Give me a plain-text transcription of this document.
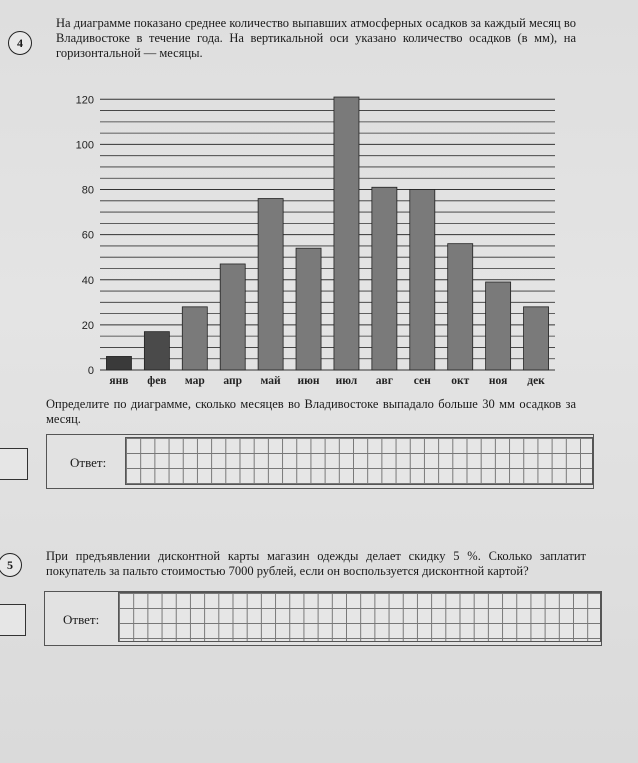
4
На диаграмме показано среднее количество выпавших атмосферных осадков за каждый месяц во Владивостоке в течение года. На вертикальной оси указано количество осадков (в мм), на горизонтальной — месяцы.
0
20
40
60
80
100
120
янв фев мар апр май июн июл авг сен окт ноя дек
Определите по диаграмме, сколько месяцев во Владивостоке выпадало больше 30 мм осадков за месяц.
Ответ:
5
При предъявлении дисконтной карты магазин одежды делает скидку 5 %. Сколько заплатит покупатель за пальто стоимостью 7000 рублей, если он воспользуется дисконтной картой?
Ответ:
